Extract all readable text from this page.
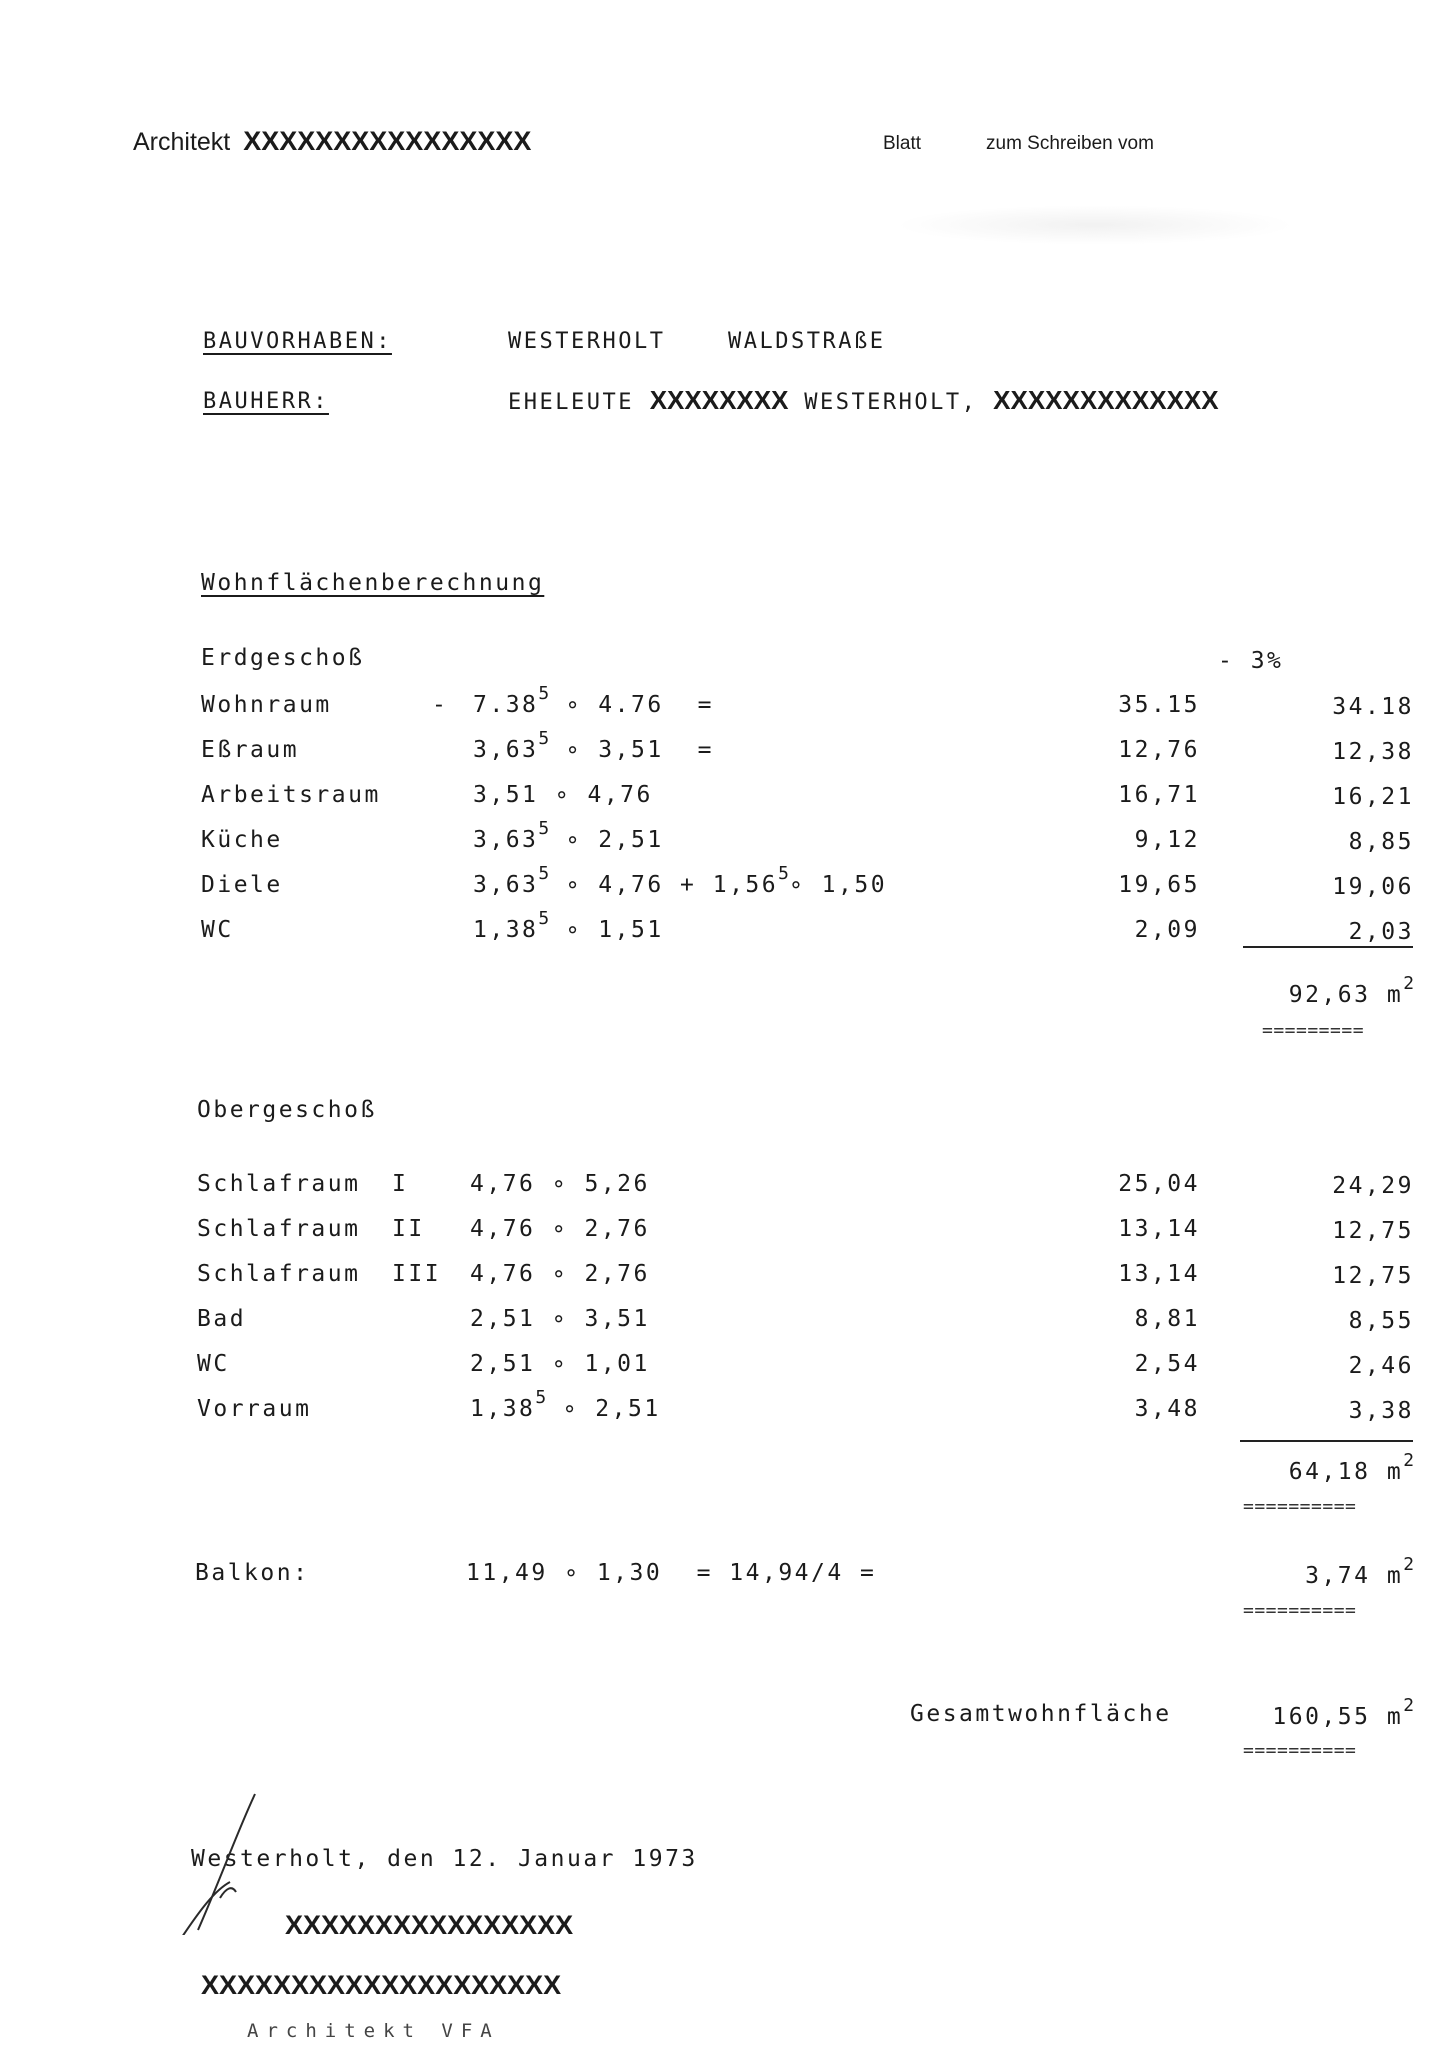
Architekt XXXXXXXXXXXXXXXX	Blatt	zum Schreiben vom
BAUVORHABEN:	WESTERHOLT	WALDSTRAßE
BAUHERR:	EHELEUTE XXXXXXXX WESTERHOLT, XXXXXXXXXXXXX
Wohnflächenberechnung
Erdgeschoß	- 3%
Wohnraum	- 7.38$^5$ ∘ 4.76 =	35.15	34.18
Eßraum	3,63$^5$ ∘ 3,51 =	12,76	12,38
Arbeitsraum	3,51 ∘ 4,76	16,71	16,21
Küche	3,63$^5$ ∘ 2,51	9,12	8,85
Diele	3,63$^5$ ∘ $4,76 + 1,56^5\circ$ 1,50	19,65	19,06
WC	1,38$^5$ ∘ 1,51	2,09	2,03
92,63 $m^2$
=========
Obergeschoß
Schlafraum I	4,76 ∘ 5,26	25,04	24,29
Schlafraum II 4,76 ∘ 2,76	13,14	12,75
Schlafraum III 4,76 ∘ 2,76	13,14	12,75
Bad	2,51 ∘ 3,51	8,81	8,55
WC	2,51 ∘ 1,01	2,54	2,46
Vorraum	1,38$^5$ ∘ 2,51	3,48	3,38
64,18 $m^2$
==========
Balkon:	11,49 ∘ 1,30 = 14,94/4 =	3,74 $m^2$
==========
Gesamtwohnfläche	160,55 $m^2$
==========
Westerholt, den 12. Januar 1973
XXXXXXXXXXXXXXXX
XXXXXXXXXXXXXXXXXXXX
Architekt VFA
